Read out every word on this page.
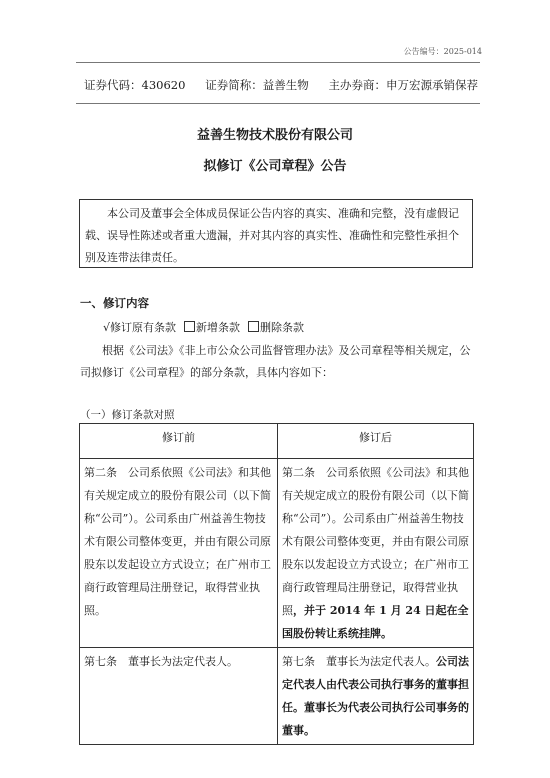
公告编号：2025-014
证券代码：430620 证券简称：益善生物 主办券商：申万宏源承销保荐
益善生物技术股份有限公司
拟修订《公司章程》公告
本公司及董事会全体成员保证公告内容的真实、准确和完整，没有虚假记载、误导性陈述或者重大遗漏，并对其内容的真实性、准确性和完整性承担个别及连带法律责任。
一、修订内容
√修订原有条款	新增条款	删除条款
根据《公司法》《非上市公众公司监督管理办法》及公司章程等相关规定，公司拟修订《公司章程》的部分条款，具体内容如下：
（一）修订条款对照
修订前	修订后
第二条　公司系依照《公司法》和其他有关规定成立的股份有限公司（以下简称“公司”）。公司系由广州益善生物技术有限公司整体变更，并由有限公司原股东以发起设立方式设立；在广州市工商行政管理局注册登记，取得营业执照。	第二条　公司系依照《公司法》和其他有关规定成立的股份有限公司（以下简称“公司”）。公司系由广州益善生物技术有限公司整体变更，并由有限公司原股东以发起设立方式设立；在广州市工商行政管理局注册登记，取得营业执照，并于 2014 年 1 月 24 日起在全国股份转让系统挂牌。
第七条　董事长为法定代表人。	第七条　董事长为法定代表人。公司法定代表人由代表公司执行事务的董事担任。董事长为代表公司执行公司事务的董事。
